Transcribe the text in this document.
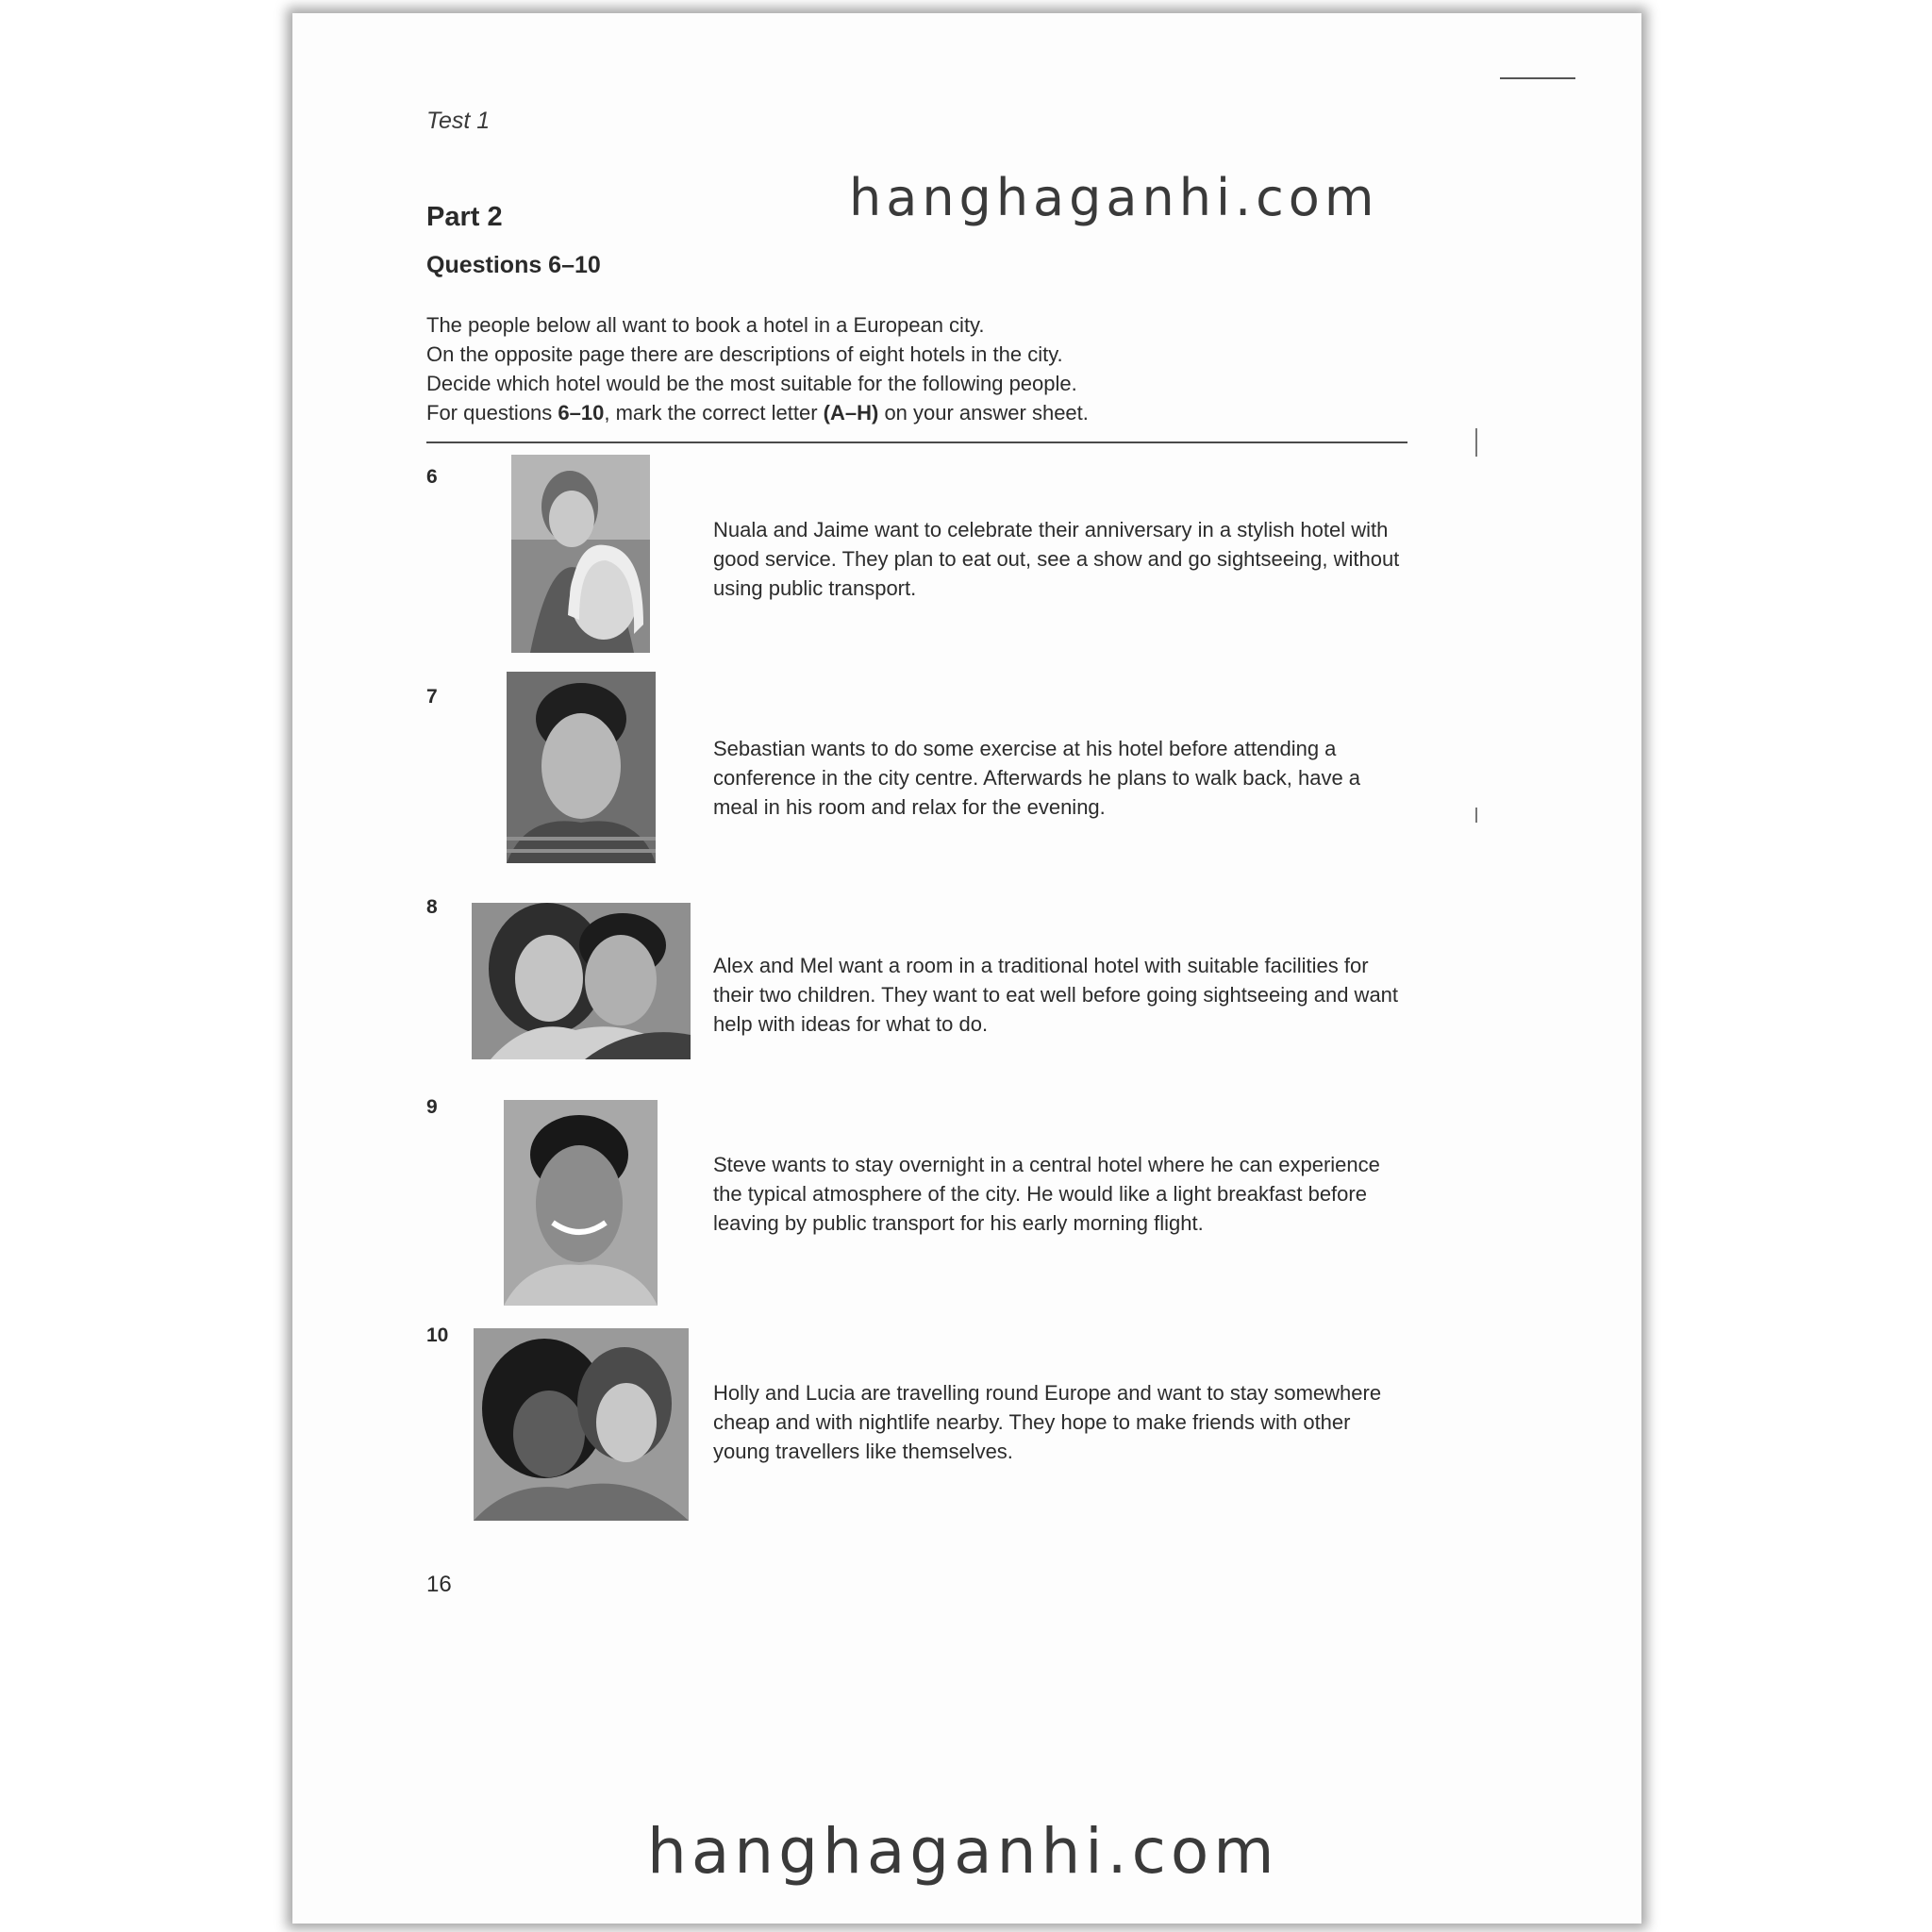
Test 1
Part 2
Questions 6–10
The people below all want to book a hotel in a European city.
On the opposite page there are descriptions of eight hotels in the city.
Decide which hotel would be the most suitable for the following people.
For questions 6–10, mark the correct letter (A–H) on your answer sheet.
6
Nuala and Jaime want to celebrate their anniversary in a stylish hotel with good service. They plan to eat out, see a show and go sightseeing, without using public transport.
7
Sebastian wants to do some exercise at his hotel before attending a conference in the city centre. Afterwards he plans to walk back, have a meal in his room and relax for the evening.
8
Alex and Mel want a room in a traditional hotel with suitable facilities for their two children. They want to eat well before going sightseeing and want help with ideas for what to do.
9
Steve wants to stay overnight in a central hotel where he can experience the typical atmosphere of the city. He would like a light breakfast before leaving by public transport for his early morning flight.
10
Holly and Lucia are travelling round Europe and want to stay somewhere cheap and with nightlife nearby. They hope to make friends with other young travellers like themselves.
16
hanghaganhi.com
hanghaganhi.com
